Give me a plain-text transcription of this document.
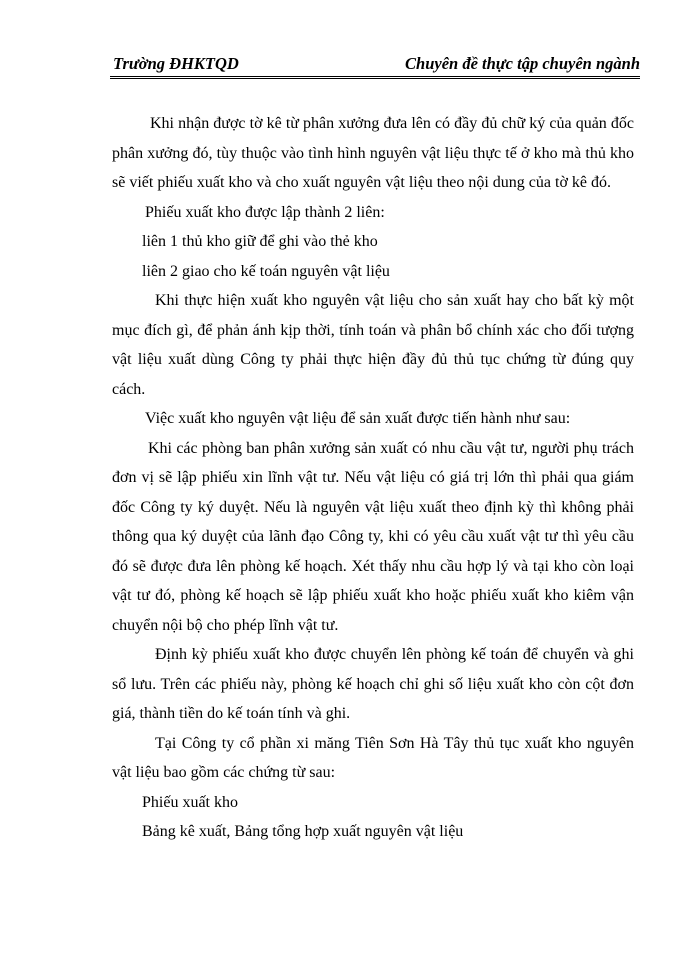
Trường ĐHKTQD	Chuyên đề thực tập chuyên ngành

Khi nhận được tờ kê từ phân xưởng đưa lên có đầy đủ chữ ký của quản đốc phân xưởng đó, tùy thuộc vào tình hình nguyên vật liệu thực tế ở kho mà thủ kho sẽ viết phiếu xuất kho và cho xuất nguyên vật liệu theo nội dung của tờ kê đó.

Phiếu xuất kho được lập thành 2 liên:

liên 1 thủ kho giữ để ghi vào thẻ kho

liên 2 giao cho kế toán nguyên vật liệu

Khi thực hiện xuất kho nguyên vật liệu cho sản xuất hay cho bất kỳ một mục đích gì, để phản ánh kịp thời, tính toán và phân bổ chính xác cho đối tượng vật liệu xuất dùng Công ty phải thực hiện đầy đủ thủ tục chứng từ đúng quy cách.

Việc xuất kho nguyên vật liệu để sản xuất được tiến hành như sau:

Khi các phòng ban phân xưởng sản xuất có nhu cầu vật tư, người phụ trách đơn vị sẽ lập phiếu xin lĩnh vật tư. Nếu vật liệu có giá trị lớn thì phải qua giám đốc Công ty ký duyệt. Nếu là nguyên vật liệu xuất theo định kỳ thì không phải thông qua ký duyệt của lãnh đạo Công ty, khi có yêu cầu xuất vật tư thì yêu cầu đó sẽ được đưa lên phòng kế hoạch. Xét thấy nhu cầu hợp lý và tại kho còn loại vật tư đó, phòng kế hoạch sẽ lập phiếu xuất kho hoặc phiếu xuất kho kiêm vận chuyển nội bộ cho phép lĩnh vật tư.

Định kỳ phiếu xuất kho được chuyển lên phòng kế toán để chuyển và ghi sổ lưu. Trên các phiếu này, phòng kế hoạch chỉ ghi số liệu xuất kho còn cột đơn giá, thành tiền do kế toán tính và ghi.

Tại Công ty cổ phần xi măng Tiên Sơn Hà Tây thủ tục xuất kho nguyên vật liệu bao gồm các chứng từ sau:

Phiếu xuất kho

Bảng kê xuất, Bảng tổng hợp xuất nguyên vật liệu
